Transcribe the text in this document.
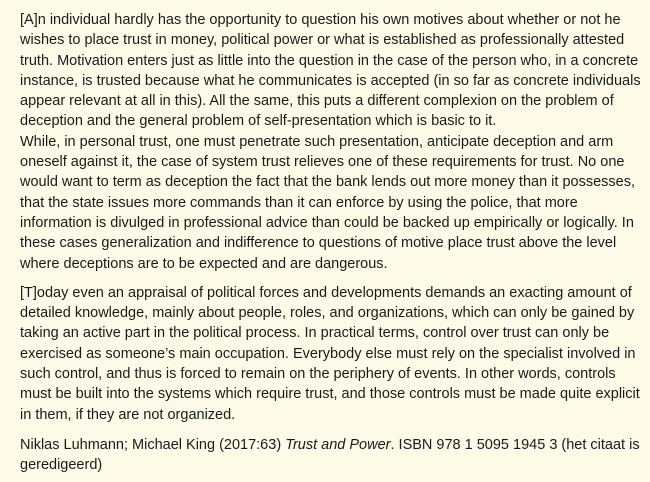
[A]n individual hardly has the opportunity to question his own motives about whether or not he wishes to place trust in money, political power or what is established as professionally attested truth. Motivation enters just as little into the question in the case of the person who, in a concrete instance, is trusted because what he communicates is accepted (in so far as concrete individuals appear relevant at all in this). All the same, this puts a different complexion on the problem of deception and the general problem of self-presentation which is basic to it.

While, in personal trust, one must penetrate such presentation, anticipate deception and arm oneself against it, the case of system trust relieves one of these requirements for trust. No one would want to term as deception the fact that the bank lends out more money than it possesses, that the state issues more commands than it can enforce by using the police, that more information is divulged in professional advice than could be backed up empirically or logically. In these cases generalization and indifference to questions of motive place trust above the level where deceptions are to be expected and are dangerous.

[T]oday even an appraisal of political forces and developments demands an exacting amount of detailed knowledge, mainly about people, roles, and organizations, which can only be gained by taking an active part in the political process. In practical terms, control over trust can only be exercised as someone’s main occupation. Everybody else must rely on the specialist involved in such control, and thus is forced to remain on the periphery of events. In other words, controls must be built into the systems which require trust, and those controls must be made quite explicit in them, if they are not organized.

Niklas Luhmann; Michael King (2017:63) Trust and Power. ISBN 978 1 5095 1945 3 (het citaat is geredigeerd)
